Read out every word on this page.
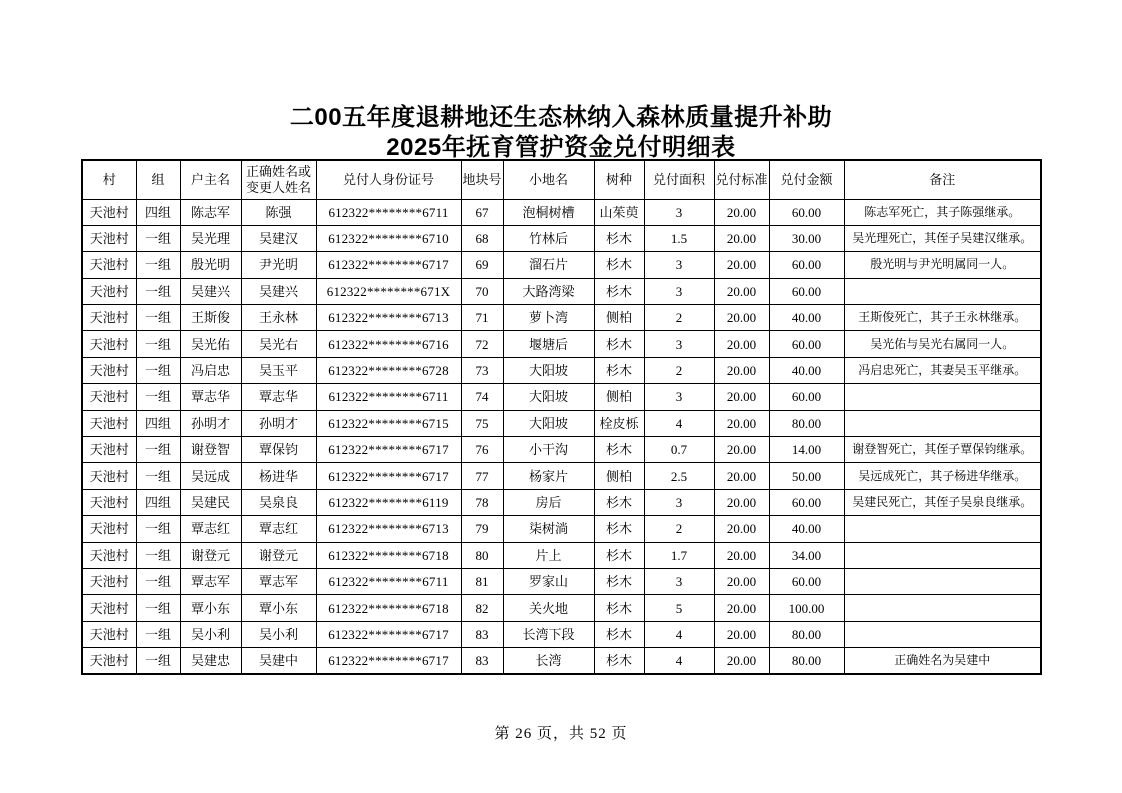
二00五年度退耕地还生态林纳入森林质量提升补助
2025年抚育管护资金兑付明细表
村	组	户主名	正确姓名或变更人姓名	兑付人身份证号	地块号	小地名	树种	兑付面积	兑付标准	兑付金额	备注
天池村	四组	陈志军	陈强	612322********6711	67	泡桐树槽	山茱萸	3	20.00	60.00	陈志军死亡，其子陈强继承。
天池村	一组	吴光理	吴建汉	612322********6710	68	竹林后	杉木	1.5	20.00	30.00	吴光理死亡，其侄子吴建汉继承。
天池村	一组	殷光明	尹光明	612322********6717	69	溜石片	杉木	3	20.00	60.00	殷光明与尹光明属同一人。
天池村	一组	吴建兴	吴建兴	612322********671X	70	大路湾梁	杉木	3	20.00	60.00	
天池村	一组	王斯俊	王永林	612322********6713	71	萝卜湾	侧柏	2	20.00	40.00	王斯俊死亡，其子王永林继承。
天池村	一组	吴光佑	吴光右	612322********6716	72	堰塘后	杉木	3	20.00	60.00	吴光佑与吴光右属同一人。
天池村	一组	冯启忠	吴玉平	612322********6728	73	大阳坡	杉木	2	20.00	40.00	冯启忠死亡，其妻吴玉平继承。
天池村	一组	覃志华	覃志华	612322********6711	74	大阳坡	侧柏	3	20.00	60.00	
天池村	四组	孙明才	孙明才	612322********6715	75	大阳坡	栓皮栎	4	20.00	80.00	
天池村	一组	谢登智	覃保钧	612322********6717	76	小干沟	杉木	0.7	20.00	14.00	谢登智死亡，其侄子覃保钧继承。
天池村	一组	吴远成	杨进华	612322********6717	77	杨家片	侧柏	2.5	20.00	50.00	吴远成死亡，其子杨进华继承。
天池村	四组	吴建民	吴泉良	612322********6119	78	房后	杉木	3	20.00	60.00	吴建民死亡，其侄子吴泉良继承。
天池村	一组	覃志红	覃志红	612322********6713	79	柒树淌	杉木	2	20.00	40.00	
天池村	一组	谢登元	谢登元	612322********6718	80	片上	杉木	1.7	20.00	34.00	
天池村	一组	覃志军	覃志军	612322********6711	81	罗家山	杉木	3	20.00	60.00	
天池村	一组	覃小东	覃小东	612322********6718	82	关火地	杉木	5	20.00	100.00	
天池村	一组	吴小利	吴小利	612322********6717	83	长湾下段	杉木	4	20.00	80.00	
天池村	一组	吴建忠	吴建中	612322********6717	83	长湾	杉木	4	20.00	80.00	正确姓名为吴建中
第 26 页，共 52 页
